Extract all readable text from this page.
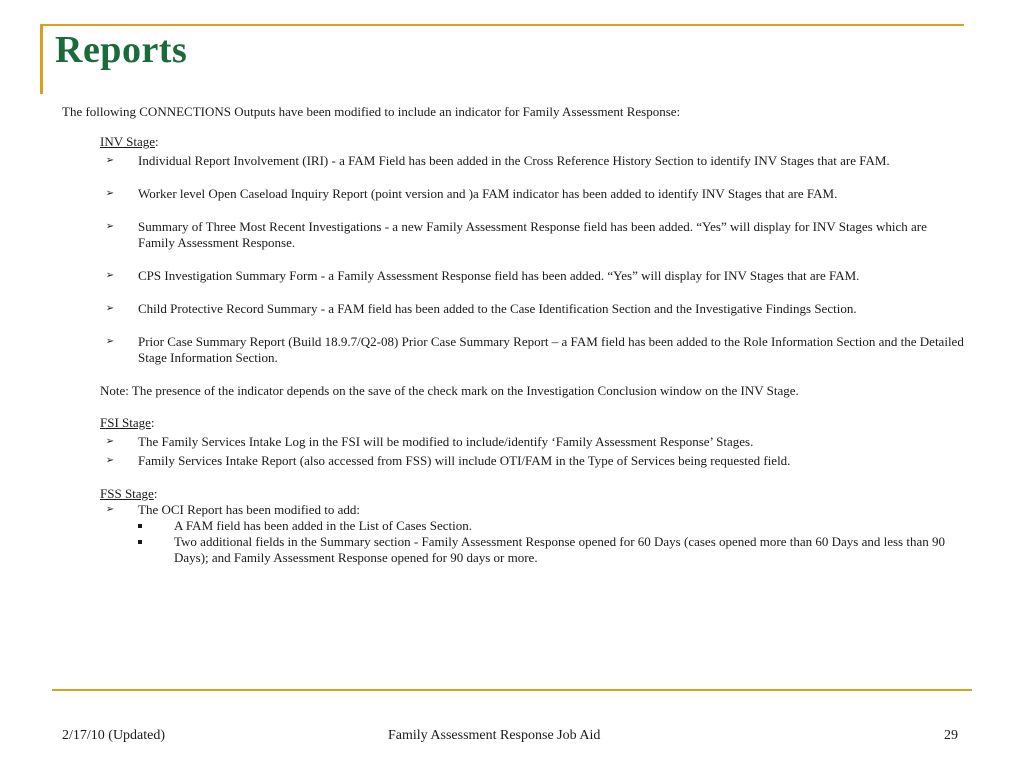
Reports

The following CONNECTIONS Outputs have been modified to include an indicator for Family Assessment Response:

INV Stage:

➢	Individual Report Involvement (IRI) - a FAM Field has been added in the Cross Reference History Section to identify INV Stages that are FAM.
➢	Worker level Open Caseload Inquiry Report (point version and )a FAM indicator has been added to identify INV Stages that are FAM.
➢	Summary of Three Most Recent Investigations - a new Family Assessment Response field has been added. “Yes” will display for INV Stages which are Family Assessment Response.
➢	CPS Investigation Summary Form - a Family Assessment Response field has been added. “Yes” will display for INV Stages that are FAM.
➢	Child Protective Record Summary - a FAM field has been added to the Case Identification Section and the Investigative Findings Section.
➢	Prior Case Summary Report (Build 18.9.7/Q2-08) Prior Case Summary Report – a FAM field has been added to the Role Information Section and the Detailed Stage Information Section.

Note: The presence of the indicator depends on the save of the check mark on the Investigation Conclusion window on the INV Stage.

FSI Stage:

➢	The Family Services Intake Log in the FSI will be modified to include/identify ‘Family Assessment Response’ Stages.
➢	Family Services Intake Report (also accessed from FSS) will include OTI/FAM in the Type of Services being requested field.

FSS Stage:

➢	The OCI Report has been modified to add:
A FAM field has been added in the List of Cases Section.
Two additional fields in the Summary section - Family Assessment Response opened for 60 Days (cases opened more than 60 Days and less than 90 Days); and Family Assessment Response opened for 90 days or more.
2/17/10 (Updated)	Family Assessment Response Job Aid	29
